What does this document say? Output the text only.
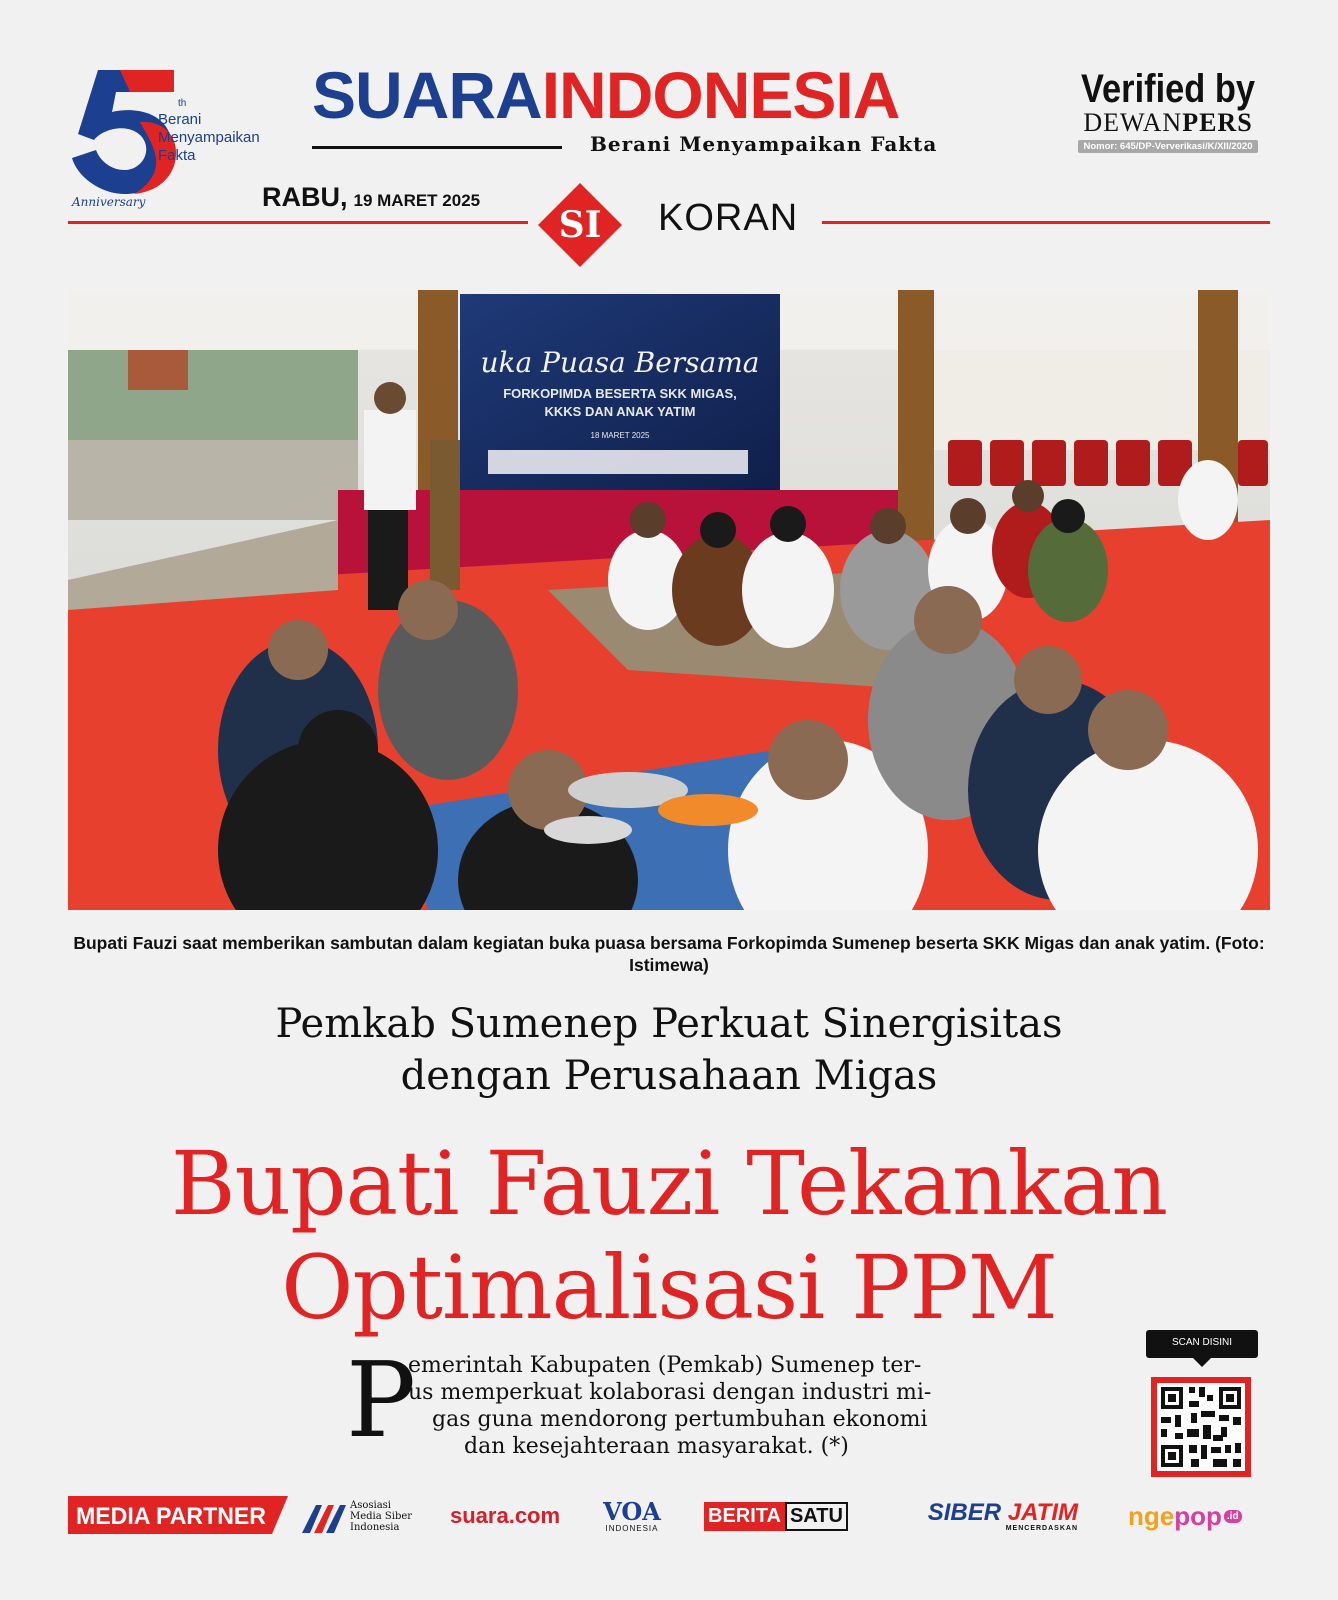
th
Berani
Menyampaikan
Fakta
Anniversary
SUARAINDONESIA
Berani Menyampaikan Fakta
Verified by
DEWANPERS
Nomor: 645/DP-Ververikasi/K/XII/2020
RABU, 19 MARET 2025
SI KORAN
uka Puasa Bersama
FORKOPIMDA BESERTA SKK MIGAS,
KKKS DAN ANAK YATIM
18 MARET 2025
Bupati Fauzi saat memberikan sambutan dalam kegiatan buka puasa bersama Forkopimda Sumenep beserta SKK Migas dan anak yatim. (Foto: Istimewa)
Pemkab Sumenep Perkuat Sinergisitas
dengan Perusahaan Migas
Bupati Fauzi Tekankan
Optimalisasi PPM
P
emerintah Kabupaten (Pemkab) Sumenep ter-
us memperkuat kolaborasi dengan industri mi-
gas guna mendorong pertumbuhan ekonomi
dan kesejahteraan masyarakat. (*)
SCAN DISINI
MEDIA PARTNER	Asosiasi
Media Siber
Indonesia	suara.com	VOA
INDONESIA
BERITA SATU	SIBER JATIM
MENCERDASKAN nge pop .id
